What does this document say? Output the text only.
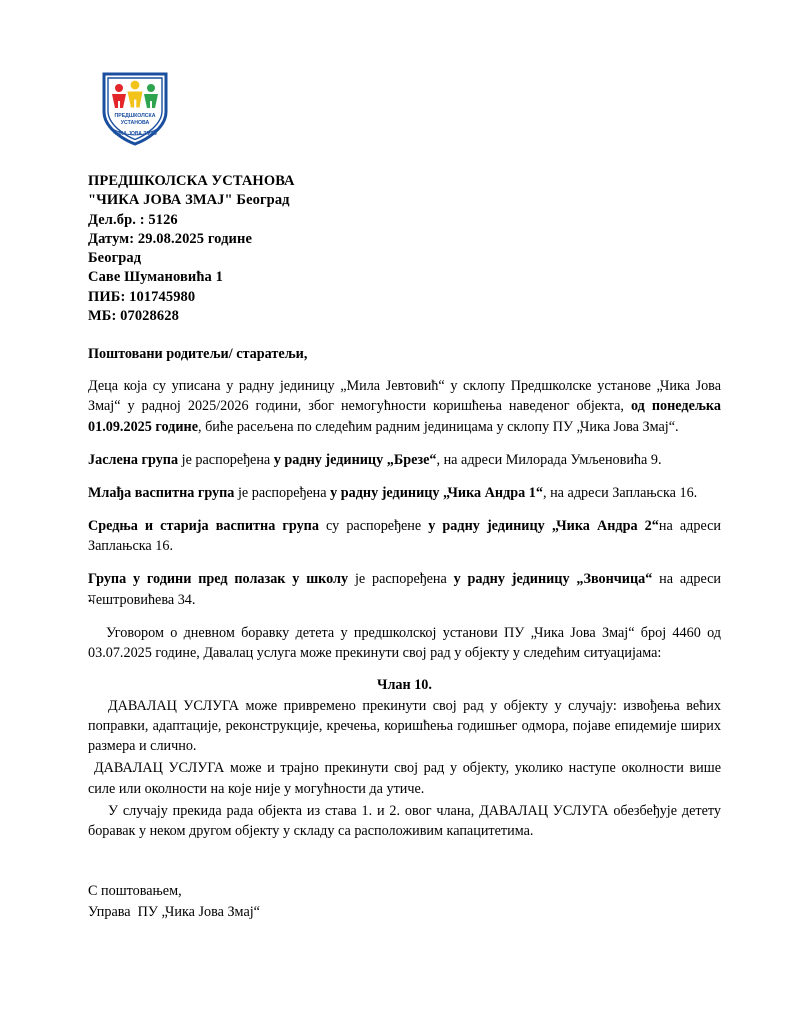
ПРЕДШКОЛСКА
УСТАНОВА
ЧИКА ЈОВА ЗМАЈ
ПРЕДШКОЛСКА УСТАНОВА
"ЧИКА ЈОВА ЗМАЈ" Београд
Дел.бр. : 5126
Датум: 29.08.2025 године
Београд
Саве Шумановића 1
ПИБ: 101745980
МБ: 07028628
Поштовани родитељи/ старатељи,

Деца која су уписана у радну јединицу „Мила Јевтовић“ у склопу Предшколске установе „Чика Јова Змај“ у радној 2025/2026 години, због немогућности коришћења наведеног објекта, од понедељка 01.09.2025 године, биће расељена по следећим радним јединицама у склопу ПУ „Чика Јова Змај“.

Јаслена група је распоређена у радну јединицу „Брезе“, на адреси Милорада Умљеновића 9.

Млађа васпитна група је распоређена у радну јединицу „Чика Андра 1“, на адреси Заплањска 16.

Средња и старија васпитна група су распоређене у радну јединицу „Чика Андра 2“на адреси Заплањска 16.

Група у години пред полазак у школу је распоређена у радну јединицу „Звончица“ на адреси মештровићева 34.

Уговором о дневном боравку детета у предшколској установи ПУ „Чика Јова Змај“ број 4460 од 03.07.2025 године, Давалац услуга може прекинути свој рад у објекту у следећим ситуацијама:

Члан 10.

ДАВАЛАЦ УСЛУГА може привремено прекинути свој рад у објекту у случају: извођења већих поправки, адаптације, реконструкције, кречења, коришћења годишњег одмора, појаве епидемије ширих размера и слично.

ДАВАЛАЦ УСЛУГА може и трајно прекинути свој рад у објекту, уколико наступе околности више силе или околности на које није у могућности да утиче.

У случају прекида рада објекта из става 1. и 2. овог члана, ДАВАЛАЦ УСЛУГА обезбеђује детету боравак у неком другом објекту у складу са расположивим капацитетима.

С поштовањем,
Управа  ПУ „Чика Јова Змај“
